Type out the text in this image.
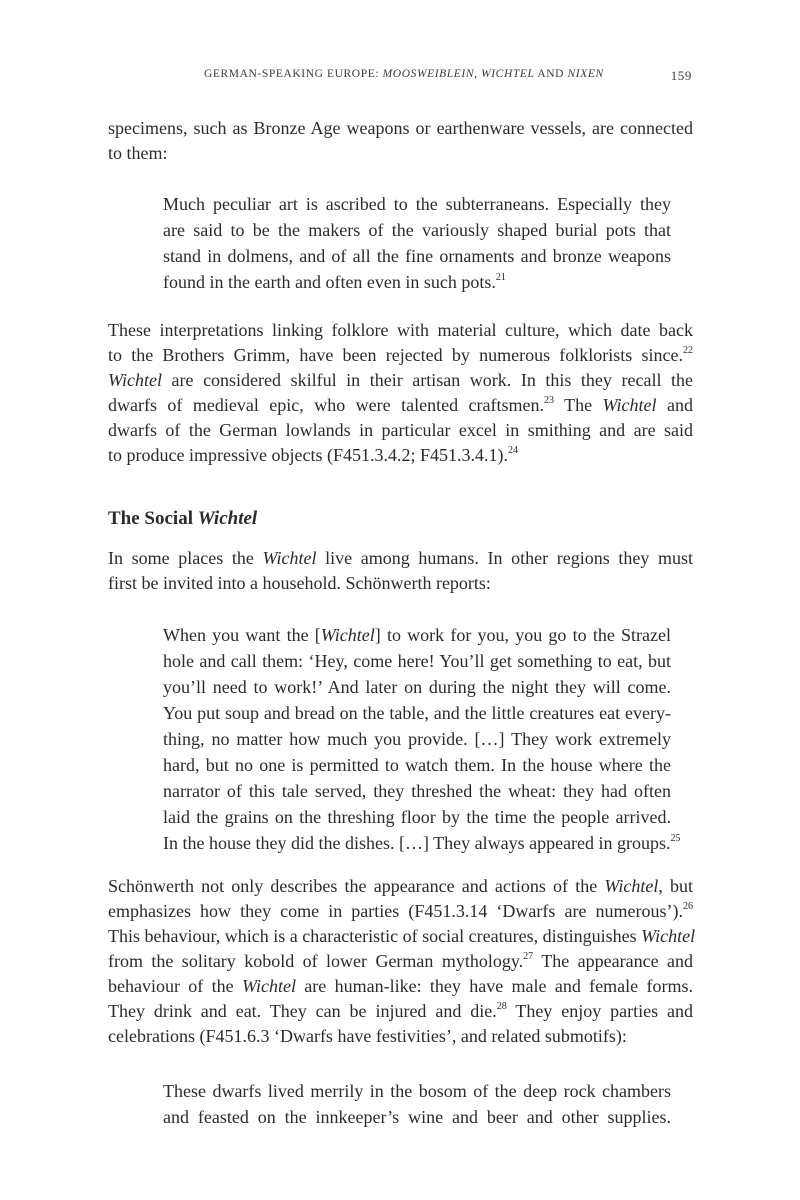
GERMAN-SPEAKING EUROPE: MOOSWEIBLEIN, WICHTEL AND NIXEN	159

specimens, such as Bronze Age weapons or earthenware vessels, are connected
to them:

Much peculiar art is ascribed to the subterraneans. Especially they
are said to be the makers of the variously shaped burial pots that
stand in dolmens, and of all the fine ornaments and bronze weapons
found in the earth and often even in such pots.$^{21}$

These interpretations linking folklore with material culture, which date back
to the Brothers Grimm, have been rejected by numerous folklorists since.$^{22}$
Wichtel are considered skilful in their artisan work. In this they recall the
dwarfs of medieval epic, who were talented craftsmen.$^{23}$ The Wichtel and
dwarfs of the German lowlands in particular excel in smithing and are said
to produce impressive objects (F451.3.4.2; F451.3.4.1).$^{24}$

The Social Wichtel

In some places the Wichtel live among humans. In other regions they must
first be invited into a household. Schönwerth reports:

When you want the [Wichtel] to work for you, you go to the Strazel
hole and call them: ‘Hey, come here! You’ll get something to eat, but
you’ll need to work!’ And later on during the night they will come.
You put soup and bread on the table, and the little creatures eat every-
thing, no matter how much you provide. […] They work extremely
hard, but no one is permitted to watch them. In the house where the
narrator of this tale served, they threshed the wheat: they had often
laid the grains on the threshing floor by the time the people arrived.
In the house they did the dishes. […] They always appeared in groups.$^{25}$

Schönwerth not only describes the appearance and actions of the Wichtel, but
emphasizes how they come in parties (F451.3.14 ‘Dwarfs are numerous’).$^{26}$
This behaviour, which is a characteristic of social creatures, distinguishes Wichtel
from the solitary kobold of lower German mythology.$^{27}$ The appearance and
behaviour of the Wichtel are human-like: they have male and female forms.
They drink and eat. They can be injured and die.$^{28}$ They enjoy parties and
celebrations (F451.6.3 ‘Dwarfs have festivities’, and related submotifs):

These dwarfs lived merrily in the bosom of the deep rock chambers
and feasted on the innkeeper’s wine and beer and other supplies.
